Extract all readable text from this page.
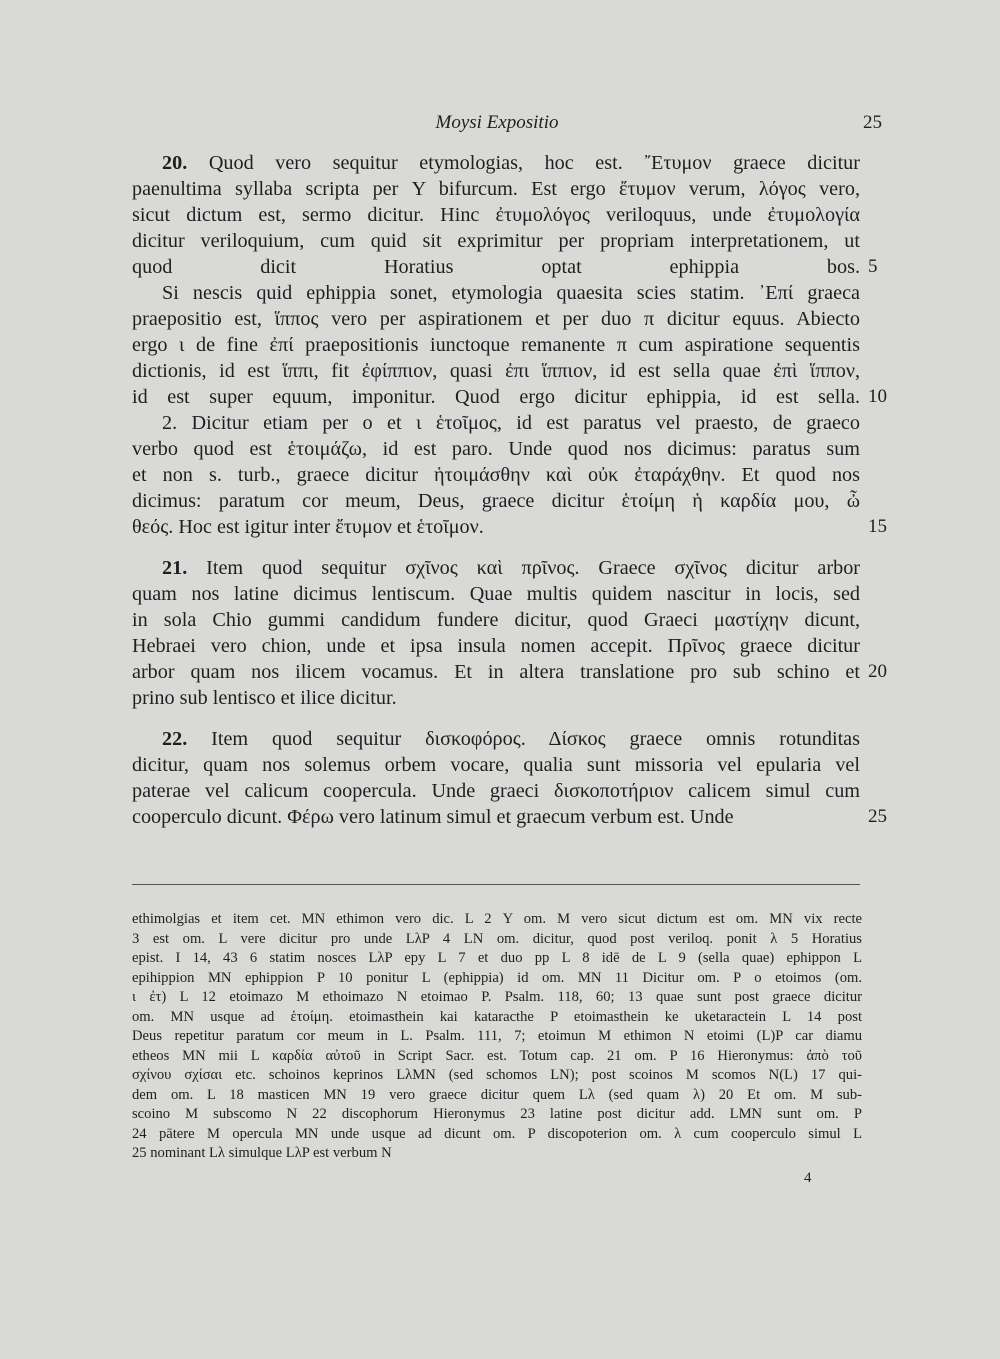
Moysi Expositio	25
20. Quod vero sequitur etymologias, hoc est. ῎Ετυμον graece dicitur
paenultima syllaba scripta per Υ bifurcum. Est ergo ἔτυμον verum, λόγος vero,
sicut dictum est, sermo dicitur. Hinc ἐτυμολόγος veriloquus, unde ἐτυμολογία
dicitur veriloquium, cum quid sit exprimitur per propriam interpretationem, ut
quod dicit Horatius optat ephippia bos. 5
Si nescis quid ephippia sonet, etymologia quaesita scies statim. ᾿Επί graeca
praepositio est, ἵππος vero per aspirationem et per duo π dicitur equus. Abiecto
ergo ι de fine ἐπί praepositionis iunctoque remanente π cum aspiratione sequentis
dictionis, id est ἵππι, fit ἐφίππιον, quasi ἐπι ἵππιον, id est sella quae ἐπὶ ἵππον,
id est super equum, imponitur. Quod ergo dicitur ephippia, id est sella. 10
2. Dicitur etiam per ο et ι ἑτοῖμος, id est paratus vel praesto, de graeco
verbo quod est ἑτοιμάζω, id est paro. Unde quod nos dicimus: paratus sum
et non s. turb., graece dicitur ἡτοιμάσθην καὶ οὐκ ἐταράχθην. Et quod nos
dicimus: paratum cor meum, Deus, graece dicitur ἑτοίμη ἡ καρδία μου, ὦ
θεός. Hoc est igitur inter ἔτυμον et ἑτοῖμον.	15
21. Item quod sequitur σχῖνος καὶ πρῖνος. Graece σχῖνος dicitur arbor
quam nos latine dicimus lentiscum. Quae multis quidem nascitur in locis, sed
in sola Chio gummi candidum fundere dicitur, quod Graeci μαστίχην dicunt,
Hebraei vero chion, unde et ipsa insula nomen accepit. Πρῖνος graece dicitur
arbor quam nos ilicem vocamus. Et in altera translatione pro sub schino et 20
prino sub lentisco et ilice dicitur.
22. Item quod sequitur δισκοφόρος. Δίσκος graece omnis rotunditas
dicitur, quam nos solemus orbem vocare, qualia sunt missoria vel epularia vel
paterae vel calicum coopercula. Unde graeci δισκοποτήριον calicem simul cum
cooperculo dicunt. Φέρω vero latinum simul et graecum verbum est. Unde	25
ethimolgias et item cet. MN ethimon vero dic. L 2 Υ om. M vero sicut dictum est om. MN vix recte
3 est om. L vere dicitur pro unde LλP 4 LN om. dicitur, quod post veriloq. ponit λ 5 Horatius
epist. I 14, 43 6 statim nosces LλP epy L 7 et duo pp L 8 idē de L 9 (sella quae) ephippon L
epihippion MN ephippion P 10 ponitur L (ephippia) id om. MN 11 Dicitur om. P o etoimos (om.
ι ἐτ) L 12 etoimazo M ethoimazo N etoimao P. Psalm. 118, 60; 13 quae sunt post graece dicitur
om. MN usque ad ἑτοίμη. etoimasthein kai kataracthe P etoimasthein ke uketaractein L 14 post
Deus repetitur paratum cor meum in L. Psalm. 111, 7; etoimun M ethimon N etoimi (L)P car diamu
etheos MN mii L καρδία αὐτοῦ in Script Sacr. est. Totum cap. 21 om. P 16 Hieronymus: ἀπὸ τοῦ
σχίνου σχίσαι etc. schoinos keprinos LλMN (sed schomos LN); post scoinos M scomos N(L) 17 qui-
dem om. L 18 masticen MN 19 vero graece dicitur quem Lλ (sed quam λ) 20 Et om. M sub-
scoino M subscomo N 22 discophorum Hieronymus 23 latine post dicitur add. LMN sunt om. P
24 pātere M opercula MN unde usque ad dicunt om. P discopoterion om. λ cum cooperculo simul L
25 nominant Lλ simulque LλP est verbum N
4
